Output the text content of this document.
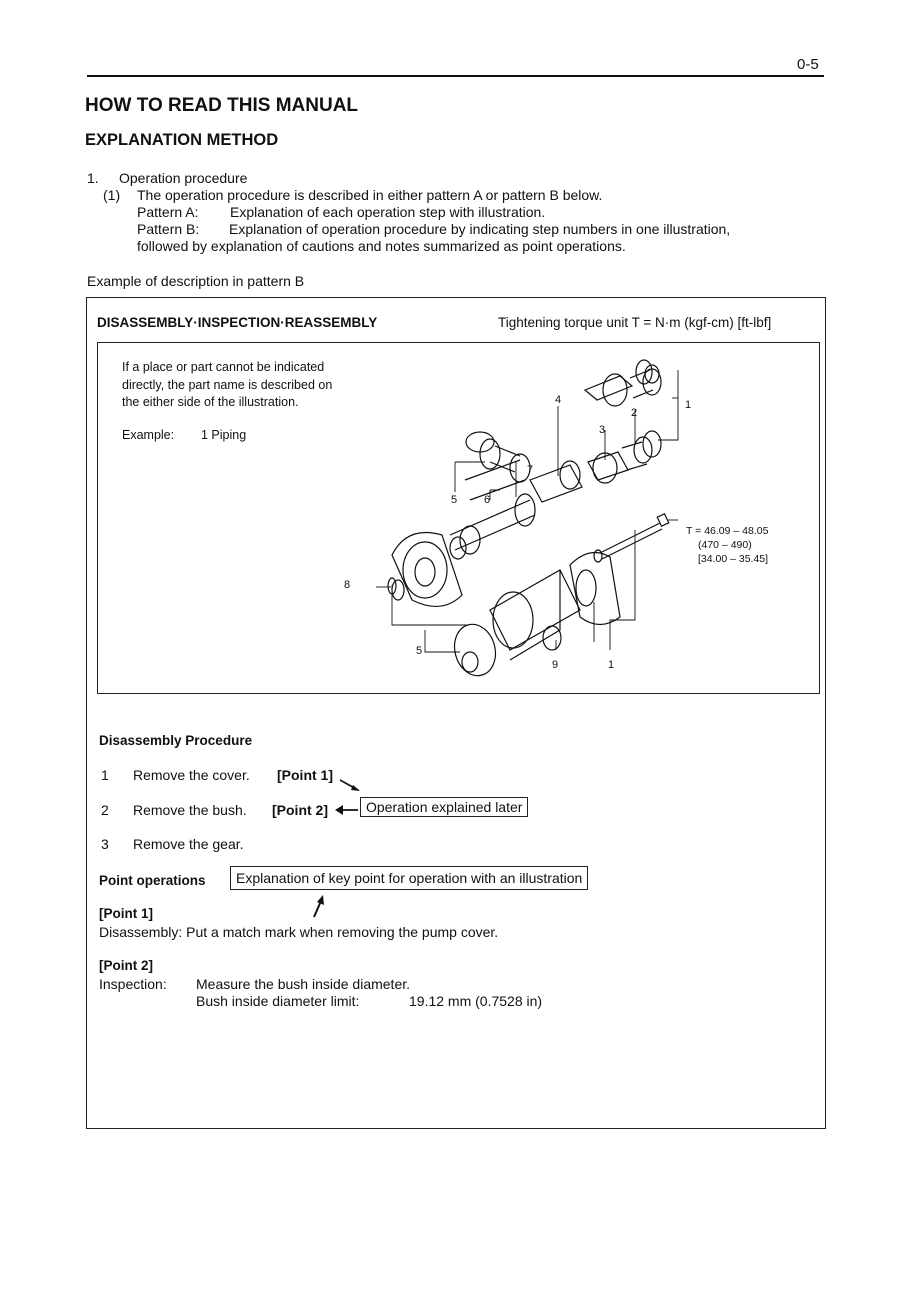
0-5
HOW TO READ THIS MANUAL
EXPLANATION METHOD
1. Operation procedure
(1) The operation procedure is described in either pattern A or pattern B below.
Pattern A: Explanation of each operation step with illustration.
Pattern B: Explanation of operation procedure by indicating step numbers in one illustration,
followed by explanation of cautions and notes summarized as point operations.
Example of description in pattern B
DISASSEMBLY·INSPECTION·REASSEMBLY	Tightening torque unit T = N·m (kgf-cm) [ft-lbf]
If a place or part cannot be indicated
directly, the part name is described on
the either side of the illustration.
Example: 1 Piping
1
2
3
4
5 6
7
8
5
9	1
T = 46.09 – 48.05
(470 – 490)
[34.00 – 35.45]
Disassembly Procedure
1 Remove the cover. [Point 1]
2 Remove the bush. [Point 2]	Operation explained later
3 Remove the gear.
Point operations	Explanation of key point for operation with an illustration
[Point 1]
Disassembly: Put a match mark when removing the pump cover.
[Point 2]
Inspection: Measure the bush inside diameter.
Bush inside diameter limit:	19.12 mm (0.7528 in)
